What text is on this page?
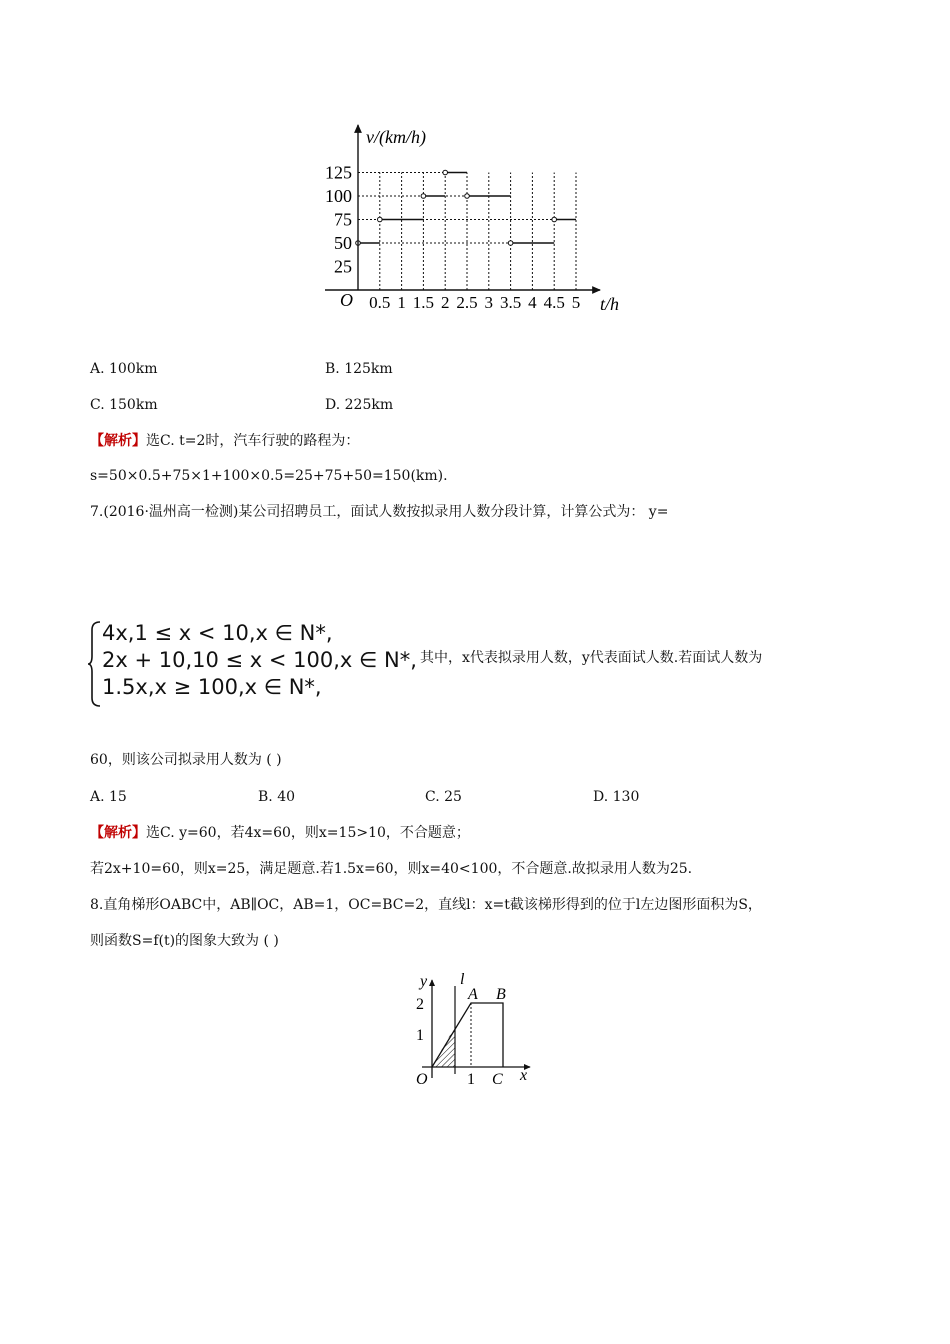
v/(km/h)
t/h
O
125
100
75
50
25
0.5 1 1.5 2 2.5 3 3.5 4 4.5 5
A. 100km	B. 125km
C. 150km	D. 225km
【解析】选C. t=2时，汽车行驶的路程为：
s=50×0.5+75×1+100×0.5=25+75+50=150(km).
7.(2016·温州高一检测)某公司招聘员工，面试人数按拟录用人数分段计算，计算公式为： y=
4x,1 ≤ x < 10,x ∈ N*,
2x + 10,10 ≤ x < 100,x ∈ N*,
1.5x,x ≥ 100,x ∈ N*,
其中，x代表拟录用人数，y代表面试人数.若面试人数为
60，则该公司拟录用人数为 ( )
A. 15	B. 40	C. 25	D. 130
【解析】选C. y=60，若4x=60，则x=15>10，不合题意；
若2x+10=60，则x=25，满足题意.若1.5x=60，则x=40<100，不合题意.故拟录用人数为25.
8.直角梯形OABC中，AB∥OC，AB=1，OC=BC=2，直线l：x=t截该梯形得到的位于l左边图形面积为S，
则函数S=f(t)的图象大致为 ( )
y l
A B
2
1
O 1 C x
